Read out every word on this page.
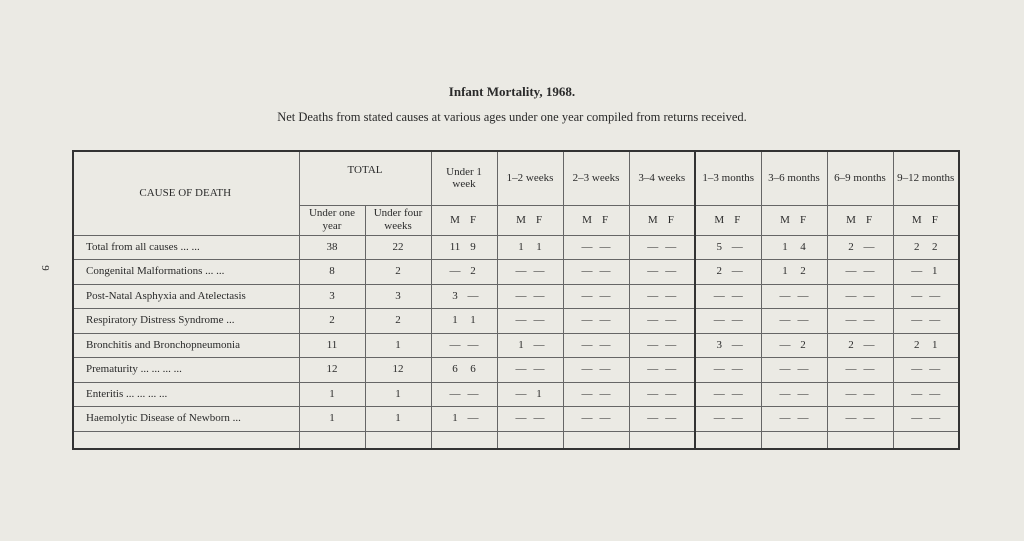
Infant Mortality, 1968.
Net Deaths from stated causes at various ages under one year compiled from returns received.
9
CAUSE OF DEATH	TOTAL		Under 1 week	1–2 weeks	2–3 weeks	3–4 weeks	1–3 months	3–6 months	6–9 months	9–12 months
	Under one year	Under four weeks	M F	M F	M F	M F	M F	M F	M F	M F
Total from all causes ... ...	38	22	11 9	1 1	— —	— —	5 —	1 4	2 —	2 2
Congenital Malformations ... ...	8	2	— 2	— —	— —	— —	2 —	1 2	— —	— 1
Post-Natal Asphyxia and Atelectasis	3	3	3 —	— —	— —	— —	— —	— —	— —	— —
Respiratory Distress Syndrome ...	2	2	1 1	— —	— —	— —	— —	— —	— —	— —
Bronchitis and Bronchopneumonia	11	1	— —	1 —	— —	— —	3 —	— 2	2 —	2 1
Prematurity ... ... ... ...	12	12	6 6	— —	— —	— —	— —	— —	— —	— —
Enteritis ... ... ... ...	1	1	— —	— 1	— —	— —	— —	— —	— —	— —
Haemolytic Disease of Newborn ...	1	1	1 —	— —	— —	— —	— —	— —	— —	— —
